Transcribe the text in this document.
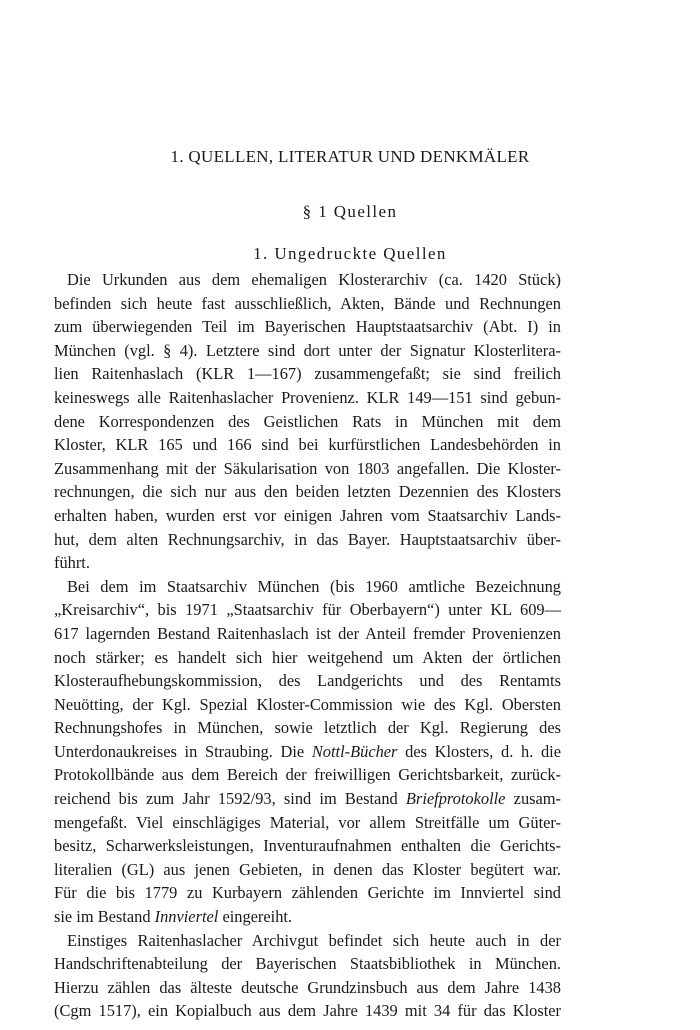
1. QUELLEN, LITERATUR UND DENKMÄLER
§ 1 Quellen
1. Ungedruckte Quellen
Die Urkunden aus dem ehemaligen Klosterarchiv (ca. 1420 Stück)
befinden sich heute fast ausschließlich, Akten, Bände und Rechnungen
zum überwiegenden Teil im Bayerischen Hauptstaatsarchiv (Abt. I) in
München (vgl. § 4). Letztere sind dort unter der Signatur Klosterlitera-
lien Raitenhaslach (KLR 1—167) zusammengefaßt; sie sind freilich
keineswegs alle Raitenhaslacher Provenienz. KLR 149—151 sind gebun-
dene Korrespondenzen des Geistlichen Rats in München mit dem
Kloster, KLR 165 und 166 sind bei kurfürstlichen Landesbehörden in
Zusammenhang mit der Säkularisation von 1803 angefallen. Die Kloster-
rechnungen, die sich nur aus den beiden letzten Dezennien des Klosters
erhalten haben, wurden erst vor einigen Jahren vom Staatsarchiv Lands-
hut, dem alten Rechnungsarchiv, in das Bayer. Hauptstaatsarchiv über-
führt.
Bei dem im Staatsarchiv München (bis 1960 amtliche Bezeichnung
„Kreisarchiv“, bis 1971 „Staatsarchiv für Oberbayern“) unter KL 609—
617 lagernden Bestand Raitenhaslach ist der Anteil fremder Provenienzen
noch stärker; es handelt sich hier weitgehend um Akten der örtlichen
Klosteraufhebungskommission, des Landgerichts und des Rentamts
Neuötting, der Kgl. Spezial Kloster-Commission wie des Kgl. Obersten
Rechnungshofes in München, sowie letztlich der Kgl. Regierung des
Unterdonaukreises in Straubing. Die Nottl-Bücher des Klosters, d. h. die
Protokollbände aus dem Bereich der freiwilligen Gerichtsbarkeit, zurück-
reichend bis zum Jahr 1592/93, sind im Bestand Briefprotokolle zusam-
mengefaßt. Viel einschlägiges Material, vor allem Streitfälle um Güter-
besitz, Scharwerksleistungen, Inventuraufnahmen enthalten die Gerichts-
literalien (GL) aus jenen Gebieten, in denen das Kloster begütert war.
Für die bis 1779 zu Kurbayern zählenden Gerichte im Innviertel sind
sie im Bestand Innviertel eingereiht.
Einstiges Raitenhaslacher Archivgut befindet sich heute auch in der
Handschriftenabteilung der Bayerischen Staatsbibliothek in München.
Hierzu zählen das älteste deutsche Grundzinsbuch aus dem Jahre 1438
(Cgm 1517), ein Kopialbuch aus dem Jahre 1439 mit 34 für das Kloster
